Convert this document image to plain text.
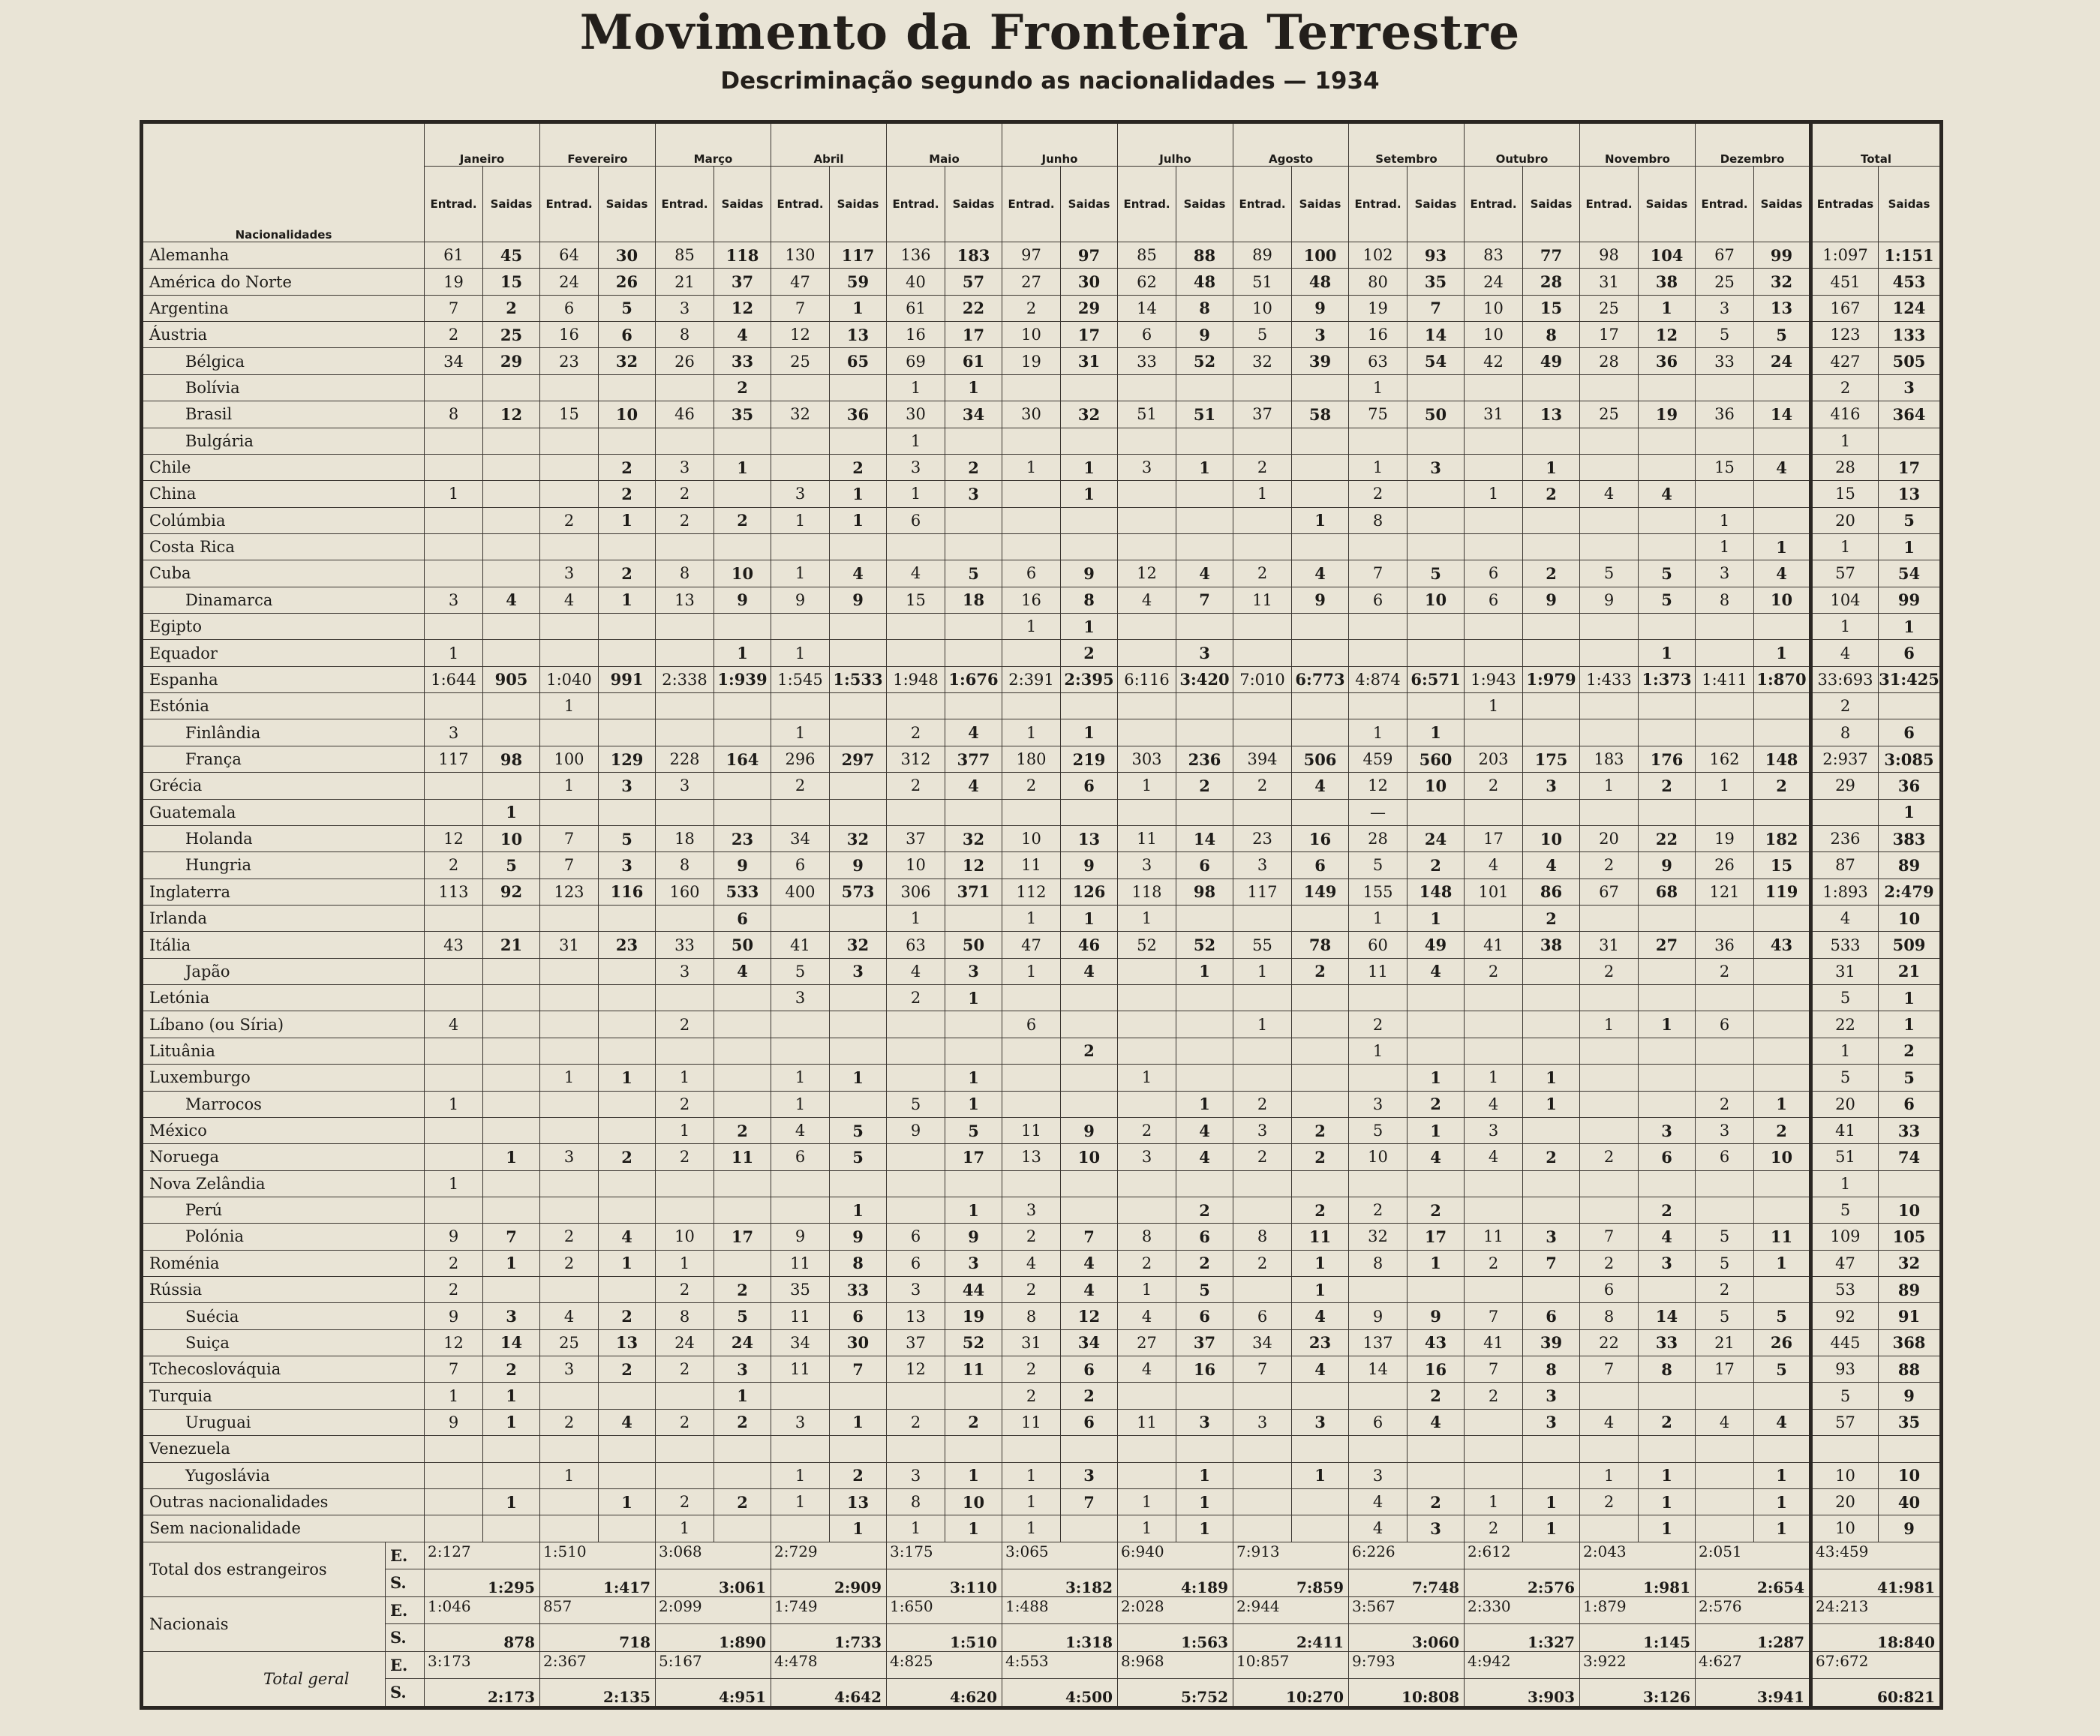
Movimento da Fronteira Terrestre
Descriminação segundo as nacionalidades — 1934
Nacionalidades		Janeiro		Fevereiro		Março		Abril		Maio		Junho		Julho		Agosto		Setembro		Outubro		Novembro		Dezembro		Total	
		Entrad.	Saidas	Entrad.	Saidas	Entrad.	Saidas	Entrad.	Saidas	Entrad.	Saidas	Entrad.	Saidas	Entrad.	Saidas	Entrad.	Saidas	Entrad.	Saidas	Entrad.	Saidas	Entrad.	Saidas	Entrad.	Saidas	Entradas	Saidas
Alemanha		61	45	64	30	85	118	130	117	136	183	97	97	85	88	89	100	102	93	83	77	98	104	67	99	1:097	1:151
América do Norte		19	15	24	26	21	37	47	59	40	57	27	30	62	48	51	48	80	35	24	28	31	38	25	32	451	453
Argentina		7	2	6	5	3	12	7	1	61	22	2	29	14	8	10	9	19	7	10	15	25	1	3	13	167	124
Áustria		2	25	16	6	8	4	12	13	16	17	10	17	6	9	5	3	16	14	10	8	17	12	5	5	123	133
Bélgica		34	29	23	32	26	33	25	65	69	61	19	31	33	52	32	39	63	54	42	49	28	36	33	24	427	505
Bolívia							2			1	1							1								2	3
Brasil		8	12	15	10	46	35	32	36	30	34	30	32	51	51	37	58	75	50	31	13	25	19	36	14	416	364
Bulgária										1																1	
Chile					2	3	1		2	3	2	1	1	3	1	2		1	3		1			15	4	28	17
China		1			2	2		3	1	1	3		1			1		2		1	2	4	4			15	13
Colúmbia				2	1	2	2	1	1	6							1	8						1		20	5
Costa Rica																								1	1	1	1
Cuba				3	2	8	10	1	4	4	5	6	9	12	4	2	4	7	5	6	2	5	5	3	4	57	54
Dinamarca		3	4	4	1	13	9	9	9	15	18	16	8	4	7	11	9	6	10	6	9	9	5	8	10	104	99
Egipto												1	1													1	1
Equador		1					1	1					2		3								1		1	4	6
Espanha		1:644	905	1:040	991	2:338	1:939	1:545	1:533	1:948	1:676	2:391	2:395	6:116	3:420	7:010	6:773	4:874	6:571	1:943	1:979	1:433	1:373	1:411	1:870	33:693	31:425
Estónia				1																1						2	
Finlândia		3						1		2	4	1	1					1	1							8	6
França		117	98	100	129	228	164	296	297	312	377	180	219	303	236	394	506	459	560	203	175	183	176	162	148	2:937	3:085
Grécia				1	3	3		2		2	4	2	6	1	2	2	4	12	10	2	3	1	2	1	2	29	36
Guatemala			1															—									1
Holanda		12	10	7	5	18	23	34	32	37	32	10	13	11	14	23	16	28	24	17	10	20	22	19	182	236	383
Hungria		2	5	7	3	8	9	6	9	10	12	11	9	3	6	3	6	5	2	4	4	2	9	26	15	87	89
Inglaterra		113	92	123	116	160	533	400	573	306	371	112	126	118	98	117	149	155	148	101	86	67	68	121	119	1:893	2:479
Irlanda							6			1		1	1	1				1	1		2					4	10
Itália		43	21	31	23	33	50	41	32	63	50	47	46	52	52	55	78	60	49	41	38	31	27	36	43	533	509
Japão						3	4	5	3	4	3	1	4		1	1	2	11	4	2		2		2		31	21
Letónia								3		2	1															5	1
Líbano (ou Síria)		4				2						6				1		2				1	1	6		22	1
Lituânia													2					1								1	2
Luxemburgo				1	1	1		1	1		1			1					1	1	1					5	5
Marrocos		1				2		1		5	1				1	2		3	2	4	1			2	1	20	6
México						1	2	4	5	9	5	11	9	2	4	3	2	5	1	3			3	3	2	41	33
Noruega			1	3	2	2	11	6	5		17	13	10	3	4	2	2	10	4	4	2	2	6	6	10	51	74
Nova Zelândia		1																								1	
Perú									1		1	3			2		2	2	2				2			5	10
Polónia		9	7	2	4	10	17	9	9	6	9	2	7	8	6	8	11	32	17	11	3	7	4	5	11	109	105
Roménia		2	1	2	1	1		11	8	6	3	4	4	2	2	2	1	8	1	2	7	2	3	5	1	47	32
Rússia		2				2	2	35	33	3	44	2	4	1	5		1					6		2		53	89
Suécia		9	3	4	2	8	5	11	6	13	19	8	12	4	6	6	4	9	9	7	6	8	14	5	5	92	91
Suiça		12	14	25	13	24	24	34	30	37	52	31	34	27	37	34	23	137	43	41	39	22	33	21	26	445	368
Tchecoslováquia		7	2	3	2	2	3	11	7	12	11	2	6	4	16	7	4	14	16	7	8	7	8	17	5	93	88
Turquia		1	1				1					2	2						2	2	3					5	9
Uruguai		9	1	2	4	2	2	3	1	2	2	11	6	11	3	3	3	6	4		3	4	2	4	4	57	35
Venezuela																											
Yugoslávia				1				1	2	3	1	1	3		1		1	3				1	1		1	10	10
Outras nacionalidades			1		1	2	2	1	13	8	10	1	7	1	1			4	2	1	1	2	1		1	20	40
Sem nacionalidade						1			1	1	1	1		1	1			4	3	2	1		1		1	10	9
Total dos estrangeiros	E.	2:127		1:510		3:068		2:729		3:175		3:065		6:940		7:913		6:226		2:612		2:043		2:051		43:459	
	S.	1:295		1:417		3:061		2:909		3:110		3:182		4:189		7:859		7:748		2:576		1:981		2:654		41:981	
Nacionais	E.	1:046		857		2:099		1:749		1:650		1:488		2:028		2:944		3:567		2:330		1:879		2:576		24:213	
	S.	878		718		1:890		1:733		1:510		1:318		1:563		2:411		3:060		1:327		1:145		1:287		18:840	
Total geral	E.	3:173		2:367		5:167		4:478		4:825		4:553		8:968		10:857		9:793		4:942		3:922		4:627		67:672	
	S.	2:173		2:135		4:951		4:642		4:620		4:500		5:752		10:270		10:808		3:903		3:126		3:941		60:821	
